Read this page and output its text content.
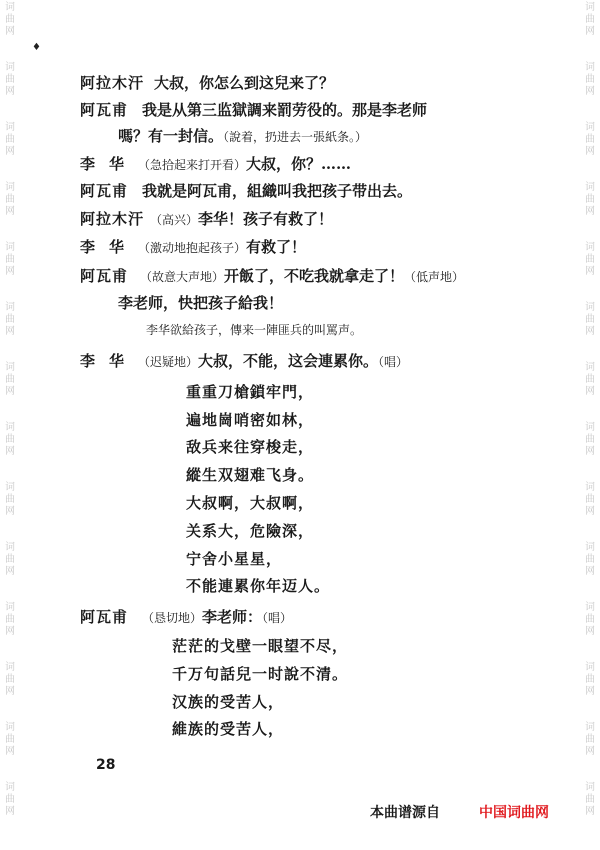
词曲网
词曲网
词曲网
词曲网
词曲网
词曲网
词曲网
词曲网
词曲网
词曲网
词曲网
词曲网
词曲网
词曲网
词曲网
词曲网
词曲网
词曲网
词曲网
词曲网
词曲网
词曲网
词曲网
词曲网
词曲网
词曲网
词曲网
词曲网
♦
阿拉木汗 大叔，你怎么到这兒来了？
阿瓦甫 我是从第三监獄調来罰劳役的。那是李老师
嗎？有一封信。（說着，扔进去一張紙条。）
李华（急拾起来打开看）大叔，你？……
阿瓦甫 我就是阿瓦甫，組織叫我把孩子带出去。
阿拉木汗 （高兴）李华！孩子有救了！
李华（激动地抱起孩子）有救了！
阿瓦甫 （故意大声地）开飯了，不吃我就拿走了！（低声地）
李老师，快把孩子給我！
李华欲給孩子，傳来一陣匪兵的叫罵声。
李华（迟疑地）大叔，不能，这会連累你。（唱）
重重刀槍鎖牢門，
遍地崗哨密如林，
敌兵来往穿梭走，
縱生双翅难飞身。
大叔啊，大叔啊，
关系大，危險深，
宁舍小星星，
不能連累你年迈人。
阿瓦甫 （恳切地）李老师：（唱）
茫茫的戈壁一眼望不尽，
千万句話兒一时說不清。
汉族的受苦人，
維族的受苦人，
28
本曲谱源自	中国词曲网
